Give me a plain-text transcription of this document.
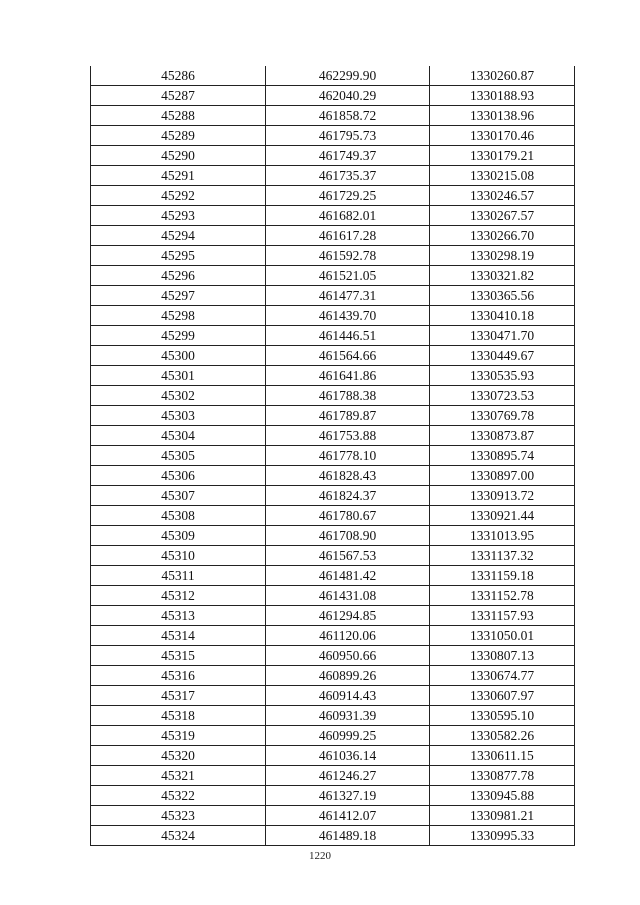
45286	462299.90	1330260.87
45287	462040.29	1330188.93
45288	461858.72	1330138.96
45289	461795.73	1330170.46
45290	461749.37	1330179.21
45291	461735.37	1330215.08
45292	461729.25	1330246.57
45293	461682.01	1330267.57
45294	461617.28	1330266.70
45295	461592.78	1330298.19
45296	461521.05	1330321.82
45297	461477.31	1330365.56
45298	461439.70	1330410.18
45299	461446.51	1330471.70
45300	461564.66	1330449.67
45301	461641.86	1330535.93
45302	461788.38	1330723.53
45303	461789.87	1330769.78
45304	461753.88	1330873.87
45305	461778.10	1330895.74
45306	461828.43	1330897.00
45307	461824.37	1330913.72
45308	461780.67	1330921.44
45309	461708.90	1331013.95
45310	461567.53	1331137.32
45311	461481.42	1331159.18
45312	461431.08	1331152.78
45313	461294.85	1331157.93
45314	461120.06	1331050.01
45315	460950.66	1330807.13
45316	460899.26	1330674.77
45317	460914.43	1330607.97
45318	460931.39	1330595.10
45319	460999.25	1330582.26
45320	461036.14	1330611.15
45321	461246.27	1330877.78
45322	461327.19	1330945.88
45323	461412.07	1330981.21
45324	461489.18	1330995.33
1220
